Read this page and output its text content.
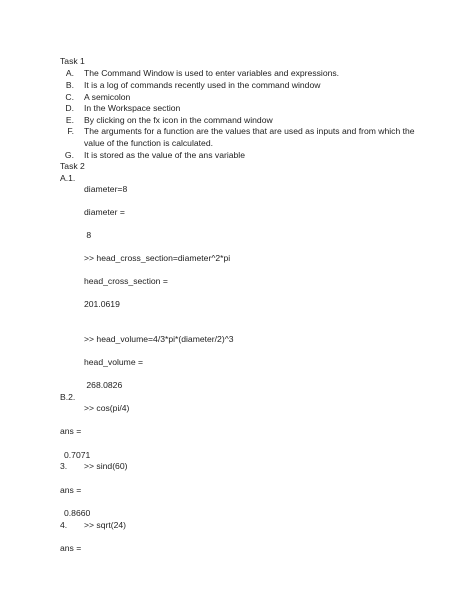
Task 1
A. The Command Window is used to enter variables and expressions.
B. It is a log of commands recently used in the command window
C. A semicolon
D. In the Workspace section
E. By clicking on the fx icon in the command window
F. The arguments for a function are the values that are used as inputs and from which the
value of the function is calculated.
G. It is stored as the value of the ans variable
Task 2
A.1.
diameter=8
diameter =
8
>> head_cross_section=diameter^2*pi
head_cross_section =
201.0619
>> head_volume=4/3*pi*(diameter/2)^3
head_volume =
268.0826
B.2.
>> cos(pi/4)
ans =
0.7071
3. >> sind(60)
ans =
0.8660
4. >> sqrt(24)
ans =
